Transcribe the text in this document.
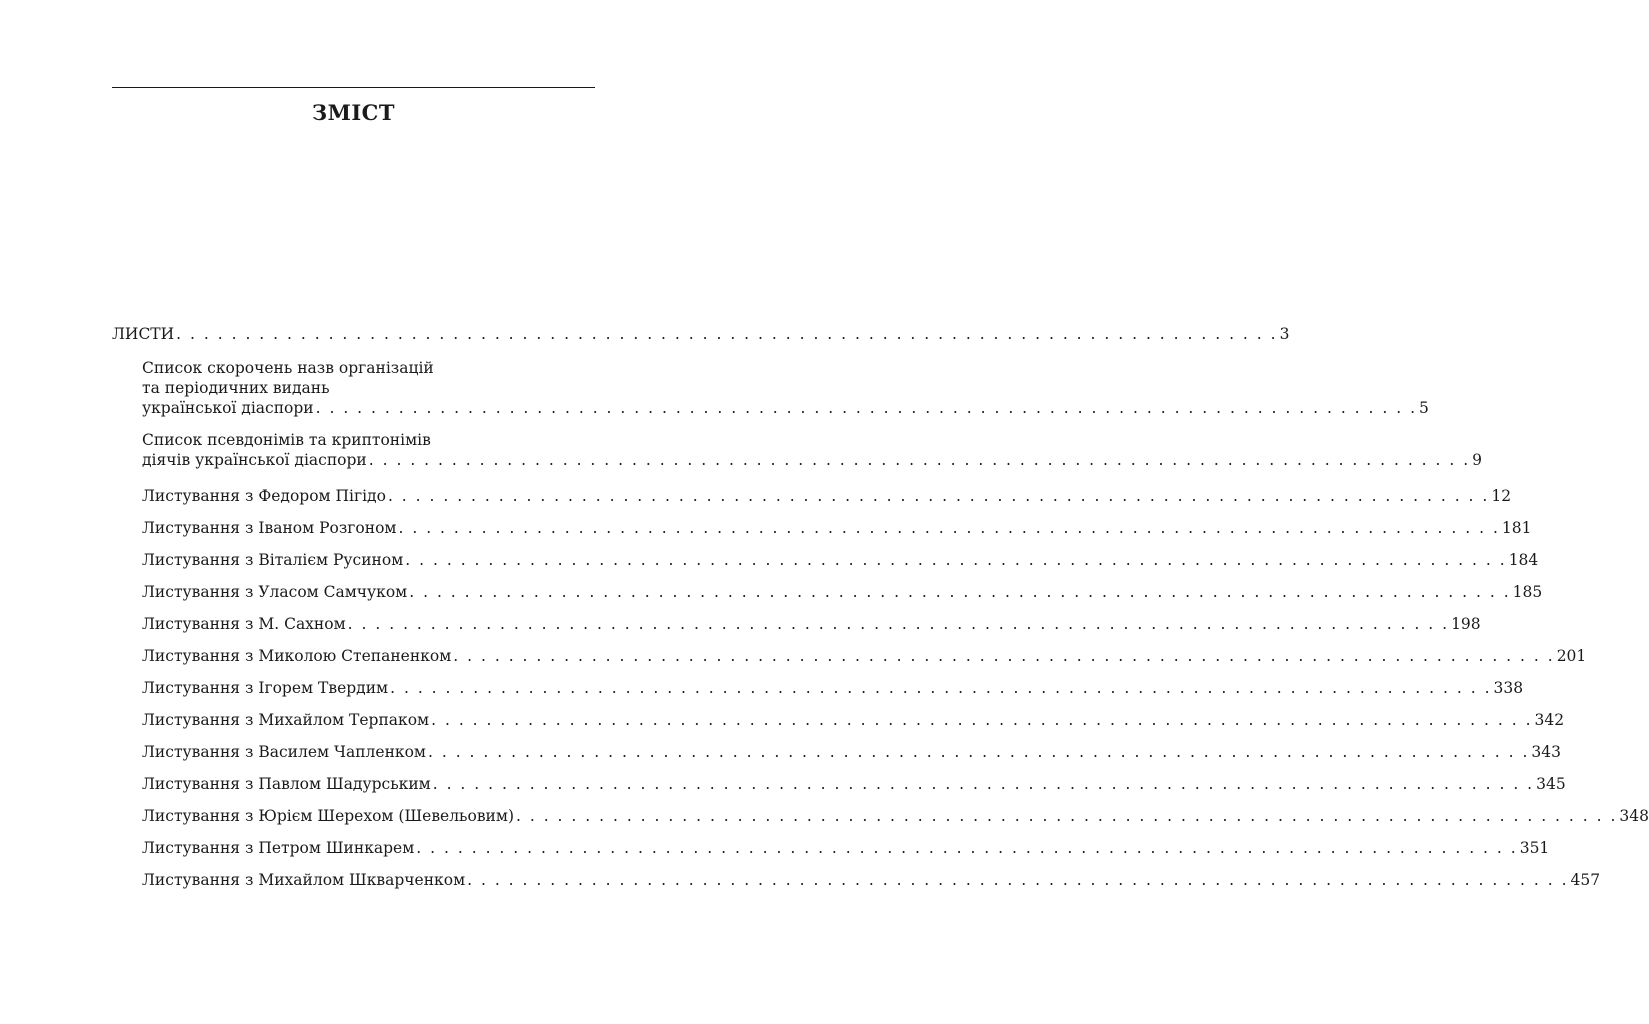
ЗМІСТ
ЛИСТИ . . . . . . . . . . . . . . . . . . . . . . . . . . . . . . . . . . . . . . . . . . . . . . . . . . . . . . . . . . . . . . . . . . . . . . . . . . . . . . . . 3
Список скорочень назв організацій
та періодичних видань
української діаспори . . . . . . . . . . . . . . . . . . . . . . . . . . . . . . . . . . . . . . . . . . . . . . . . . . . . . . . . . . . . . . . . . . . . . . . . . . . . . . . . 5
Список псевдонімів та криптонімів
діячів української діаспори . . . . . . . . . . . . . . . . . . . . . . . . . . . . . . . . . . . . . . . . . . . . . . . . . . . . . . . . . . . . . . . . . . . . . . . . . . . . . . . . 9
Листування з Федором Пігідо . . . . . . . . . . . . . . . . . . . . . . . . . . . . . . . . . . . . . . . . . . . . . . . . . . . . . . . . . . . . . . . . . . . . . . . . . . . . . . . . 12
Листування з Іваном Розгоном . . . . . . . . . . . . . . . . . . . . . . . . . . . . . . . . . . . . . . . . . . . . . . . . . . . . . . . . . . . . . . . . . . . . . . . . . . . . . . . . 181
Листування з Віталієм Русином . . . . . . . . . . . . . . . . . . . . . . . . . . . . . . . . . . . . . . . . . . . . . . . . . . . . . . . . . . . . . . . . . . . . . . . . . . . . . . . . 184
Листування з Уласом Самчуком . . . . . . . . . . . . . . . . . . . . . . . . . . . . . . . . . . . . . . . . . . . . . . . . . . . . . . . . . . . . . . . . . . . . . . . . . . . . . . . . 185
Листування з М. Сахном . . . . . . . . . . . . . . . . . . . . . . . . . . . . . . . . . . . . . . . . . . . . . . . . . . . . . . . . . . . . . . . . . . . . . . . . . . . . . . . . 198
Листування з Миколою Степаненком . . . . . . . . . . . . . . . . . . . . . . . . . . . . . . . . . . . . . . . . . . . . . . . . . . . . . . . . . . . . . . . . . . . . . . . . . . . . . . . . 201
Листування з Ігорем Твердим . . . . . . . . . . . . . . . . . . . . . . . . . . . . . . . . . . . . . . . . . . . . . . . . . . . . . . . . . . . . . . . . . . . . . . . . . . . . . . . . 338
Листування з Михайлом Терпаком . . . . . . . . . . . . . . . . . . . . . . . . . . . . . . . . . . . . . . . . . . . . . . . . . . . . . . . . . . . . . . . . . . . . . . . . . . . . . . . . 342
Листування з Василем Чапленком . . . . . . . . . . . . . . . . . . . . . . . . . . . . . . . . . . . . . . . . . . . . . . . . . . . . . . . . . . . . . . . . . . . . . . . . . . . . . . . . 343
Листування з Павлом Шадурським . . . . . . . . . . . . . . . . . . . . . . . . . . . . . . . . . . . . . . . . . . . . . . . . . . . . . . . . . . . . . . . . . . . . . . . . . . . . . . . . 345
Листування з Юрієм Шерехом (Шевельовим) . . . . . . . . . . . . . . . . . . . . . . . . . . . . . . . . . . . . . . . . . . . . . . . . . . . . . . . . . . . . . . . . . . . . . . . . . . . . . . . . 348
Листування з Петром Шинкарем . . . . . . . . . . . . . . . . . . . . . . . . . . . . . . . . . . . . . . . . . . . . . . . . . . . . . . . . . . . . . . . . . . . . . . . . . . . . . . . . 351
Листування з Михайлом Шкварченком . . . . . . . . . . . . . . . . . . . . . . . . . . . . . . . . . . . . . . . . . . . . . . . . . . . . . . . . . . . . . . . . . . . . . . . . . . . . . . . . 457
